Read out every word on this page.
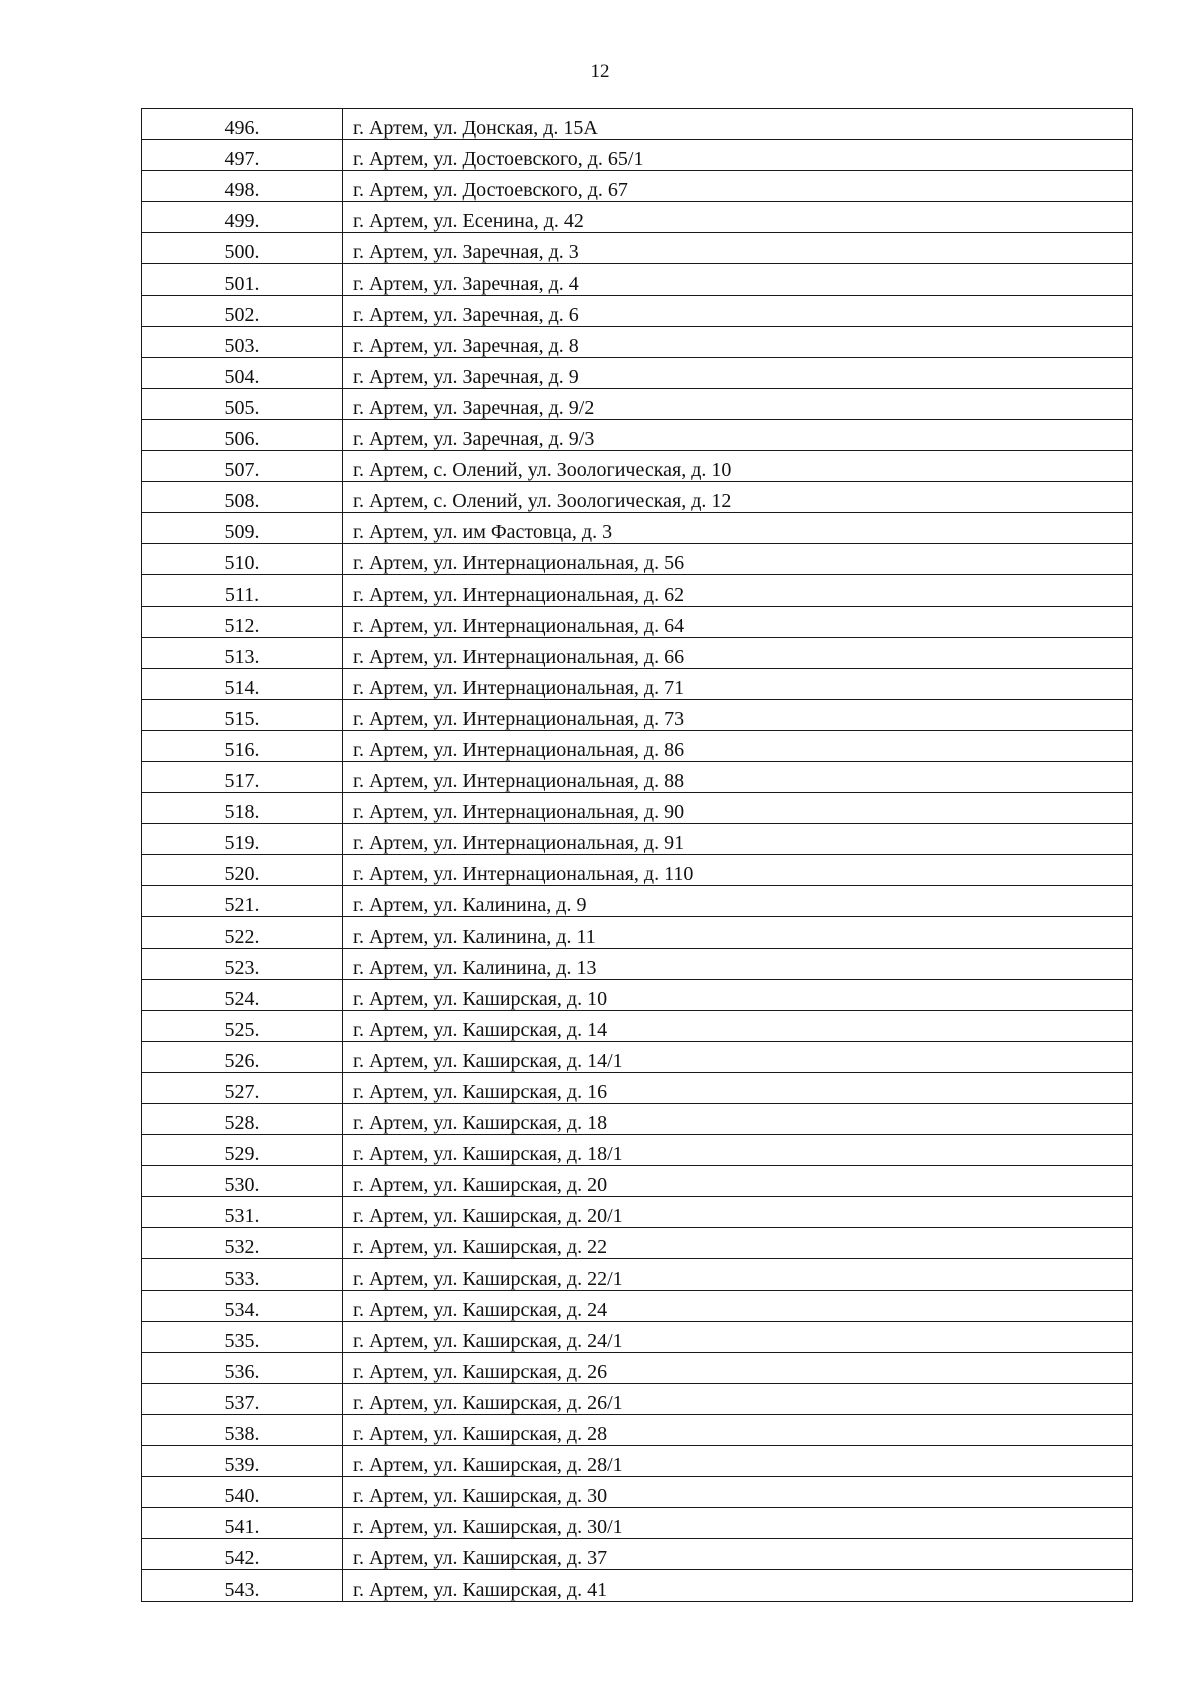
12
496.	г. Артем, ул. Донская, д. 15А
497.	г. Артем, ул. Достоевского, д. 65/1
498.	г. Артем, ул. Достоевского, д. 67
499.	г. Артем, ул. Есенина, д. 42
500.	г. Артем, ул. Заречная, д. 3
501.	г. Артем, ул. Заречная, д. 4
502.	г. Артем, ул. Заречная, д. 6
503.	г. Артем, ул. Заречная, д. 8
504.	г. Артем, ул. Заречная, д. 9
505.	г. Артем, ул. Заречная, д. 9/2
506.	г. Артем, ул. Заречная, д. 9/3
507.	г. Артем, с. Олений, ул. Зоологическая, д. 10
508.	г. Артем, с. Олений, ул. Зоологическая, д. 12
509.	г. Артем, ул. им Фастовца, д. 3
510.	г. Артем, ул. Интернациональная, д. 56
511.	г. Артем, ул. Интернациональная, д. 62
512.	г. Артем, ул. Интернациональная, д. 64
513.	г. Артем, ул. Интернациональная, д. 66
514.	г. Артем, ул. Интернациональная, д. 71
515.	г. Артем, ул. Интернациональная, д. 73
516.	г. Артем, ул. Интернациональная, д. 86
517.	г. Артем, ул. Интернациональная, д. 88
518.	г. Артем, ул. Интернациональная, д. 90
519.	г. Артем, ул. Интернациональная, д. 91
520.	г. Артем, ул. Интернациональная, д. 110
521.	г. Артем, ул. Калинина, д. 9
522.	г. Артем, ул. Калинина, д. 11
523.	г. Артем, ул. Калинина, д. 13
524.	г. Артем, ул. Каширская, д. 10
525.	г. Артем, ул. Каширская, д. 14
526.	г. Артем, ул. Каширская, д. 14/1
527.	г. Артем, ул. Каширская, д. 16
528.	г. Артем, ул. Каширская, д. 18
529.	г. Артем, ул. Каширская, д. 18/1
530.	г. Артем, ул. Каширская, д. 20
531.	г. Артем, ул. Каширская, д. 20/1
532.	г. Артем, ул. Каширская, д. 22
533.	г. Артем, ул. Каширская, д. 22/1
534.	г. Артем, ул. Каширская, д. 24
535.	г. Артем, ул. Каширская, д. 24/1
536.	г. Артем, ул. Каширская, д. 26
537.	г. Артем, ул. Каширская, д. 26/1
538.	г. Артем, ул. Каширская, д. 28
539.	г. Артем, ул. Каширская, д. 28/1
540.	г. Артем, ул. Каширская, д. 30
541.	г. Артем, ул. Каширская, д. 30/1
542.	г. Артем, ул. Каширская, д. 37
543.	г. Артем, ул. Каширская, д. 41
